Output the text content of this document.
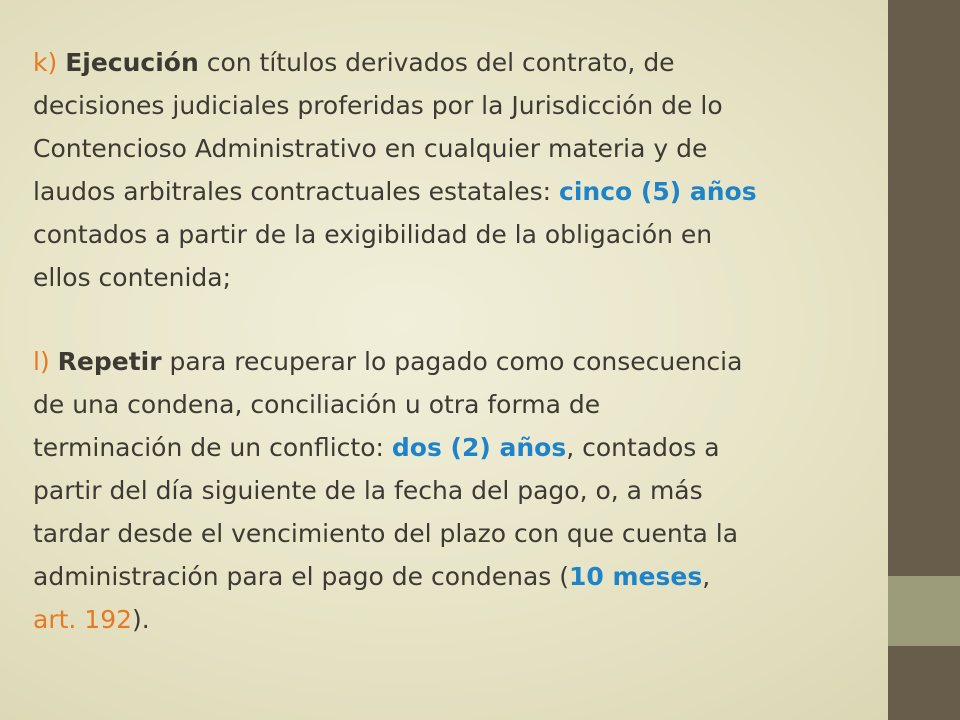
k) Ejecución con títulos derivados del contrato, de
decisiones judiciales proferidas por la Jurisdicción de lo
Contencioso Administrativo en cualquier materia y de
laudos arbitrales contractuales estatales: cinco (5) años
contados a partir de la exigibilidad de la obligación en
ellos contenida;

l) Repetir para recuperar lo pagado como consecuencia
de una condena, conciliación u otra forma de
terminación de un conflicto: dos (2) años, contados a
partir del día siguiente de la fecha del pago, o, a más
tardar desde el vencimiento del plazo con que cuenta la
administración para el pago de condenas (10 meses,
art. 192).
